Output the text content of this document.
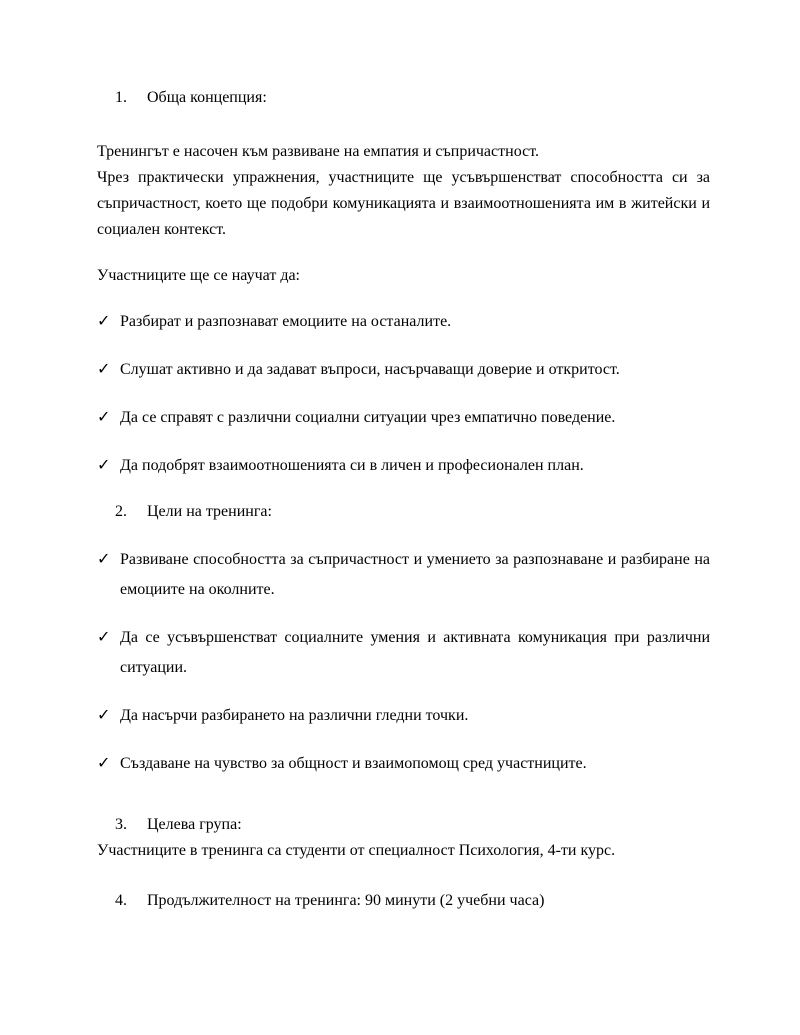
1. Обща концепция:

Тренингът е насочен към развиване на емпатия и съпричастност.

Чрез практически упражнения, участниците ще усъвършенстват способността си за съпричастност, което ще подобри комуникацията и взаимоотношенията им в житейски и социален контекст.

Участниците ще се научат да:

✓ Разбират и разпознават емоциите на останалите.
✓ Слушат активно и да задават въпроси, насърчаващи доверие и откритост.
✓ Да се справят с различни социални ситуации чрез емпатично поведение.
✓ Да подобрят взаимоотношенията си в личен и професионален план.

2. Цели на тренинга:

✓ Развиване способността за съпричастност и умението за разпознаване и разбиране на емоциите на околните.
✓ Да се усъвършенстват социалните умения и активната комуникация при различни ситуации.
✓ Да насърчи разбирането на различни гледни точки.
✓ Създаване на чувство за общност и взаимопомощ сред участниците.

3. Целева група:

Участниците в тренинга са студенти от специалност Психология, 4-ти курс.

4. Продължителност на тренинга: 90 минути (2 учебни часа)
